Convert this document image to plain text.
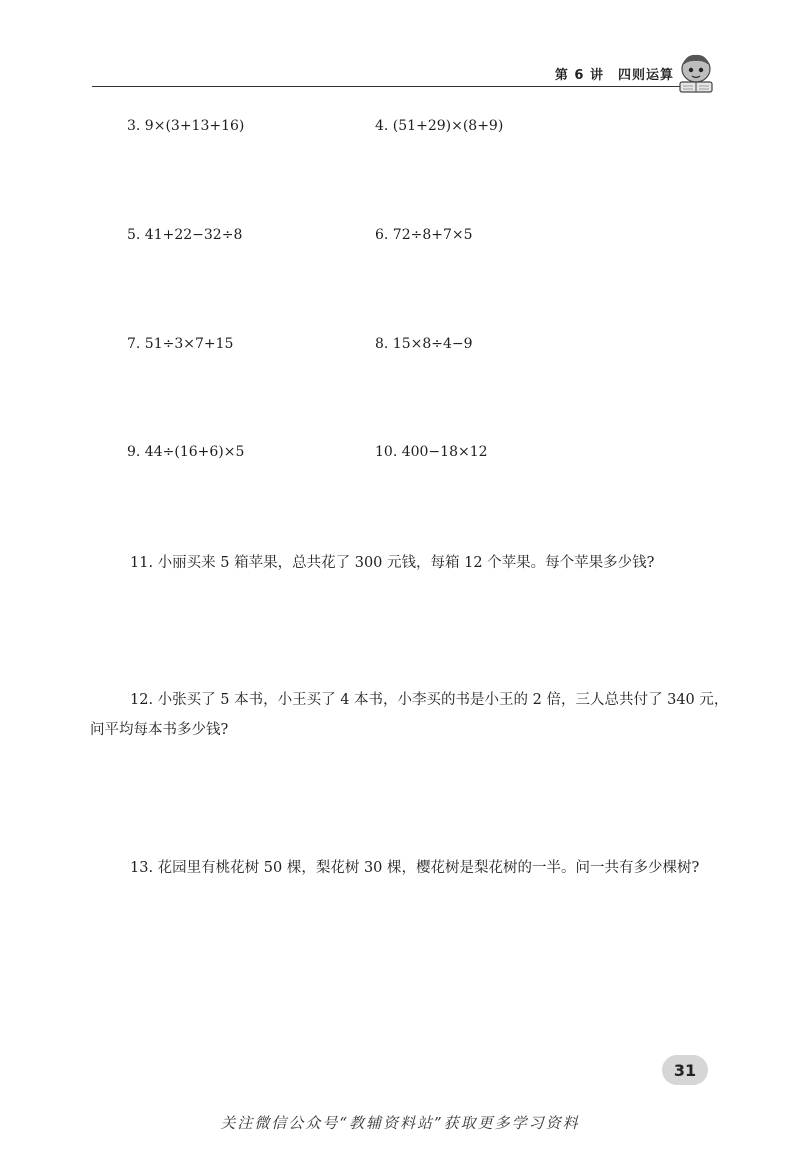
第 6 讲　四则运算
3. 9×(3+13+16)	4. (51+29)×(8+9)
5. 41+22−32÷8	6. 72÷8+7×5
7. 51÷3×7+15	8. 15×8÷4−9
9. 44÷(16+6)×5	10. 400−18×12
11. 小丽买来 5 箱苹果，总共花了 300 元钱，每箱 12 个苹果。每个苹果多少钱?
12. 小张买了 5 本书，小王买了 4 本书，小李买的书是小王的 2 倍，三人总共付了 340 元，
问平均每本书多少钱?
13. 花园里有桃花树 50 棵，梨花树 30 棵，樱花树是梨花树的一半。问一共有多少棵树?
31
关注微信公众号“教辅资料站”获取更多学习资料
